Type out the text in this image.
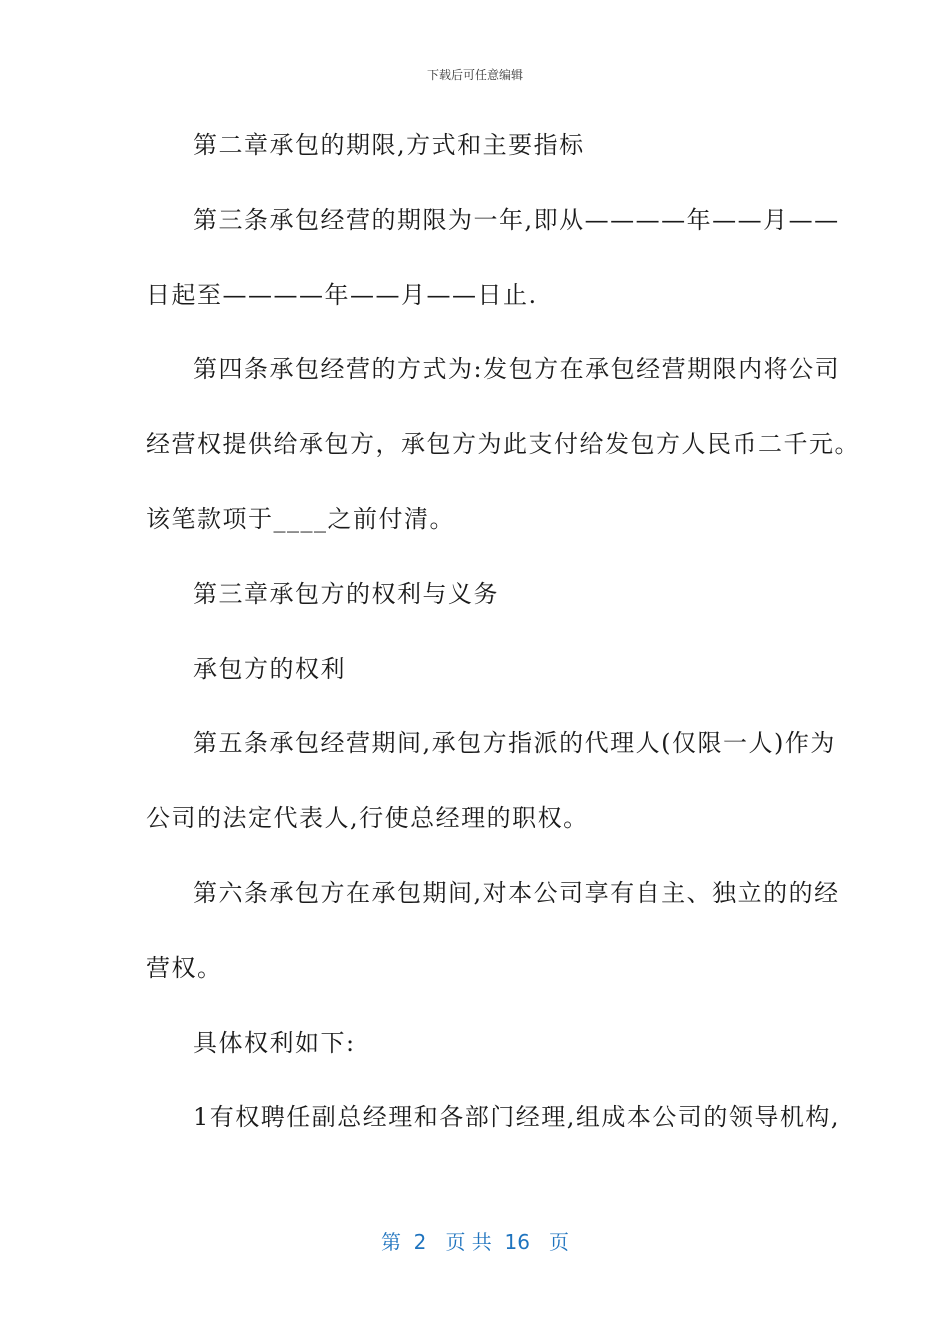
下载后可任意编辑
第二章承包的期限,方式和主要指标
第三条承包经营的期限为一年,即从————年——月——
日起至————年——月——日止.
第四条承包经营的方式为:发包方在承包经营期限内将公司
经营权提供给承包方，承包方为此支付给发包方人民币二千元。
该笔款项于____之前付清。
第三章承包方的权利与义务
承包方的权利
第五条承包经营期间,承包方指派的代理人(仅限一人)作为
公司的法定代表人,行使总经理的职权。
第六条承包方在承包期间,对本公司享有自主、独立的的经
营权。
具体权利如下:
1有权聘任副总经理和各部门经理,组成本公司的领导机构,
第  2   页 共  16   页
